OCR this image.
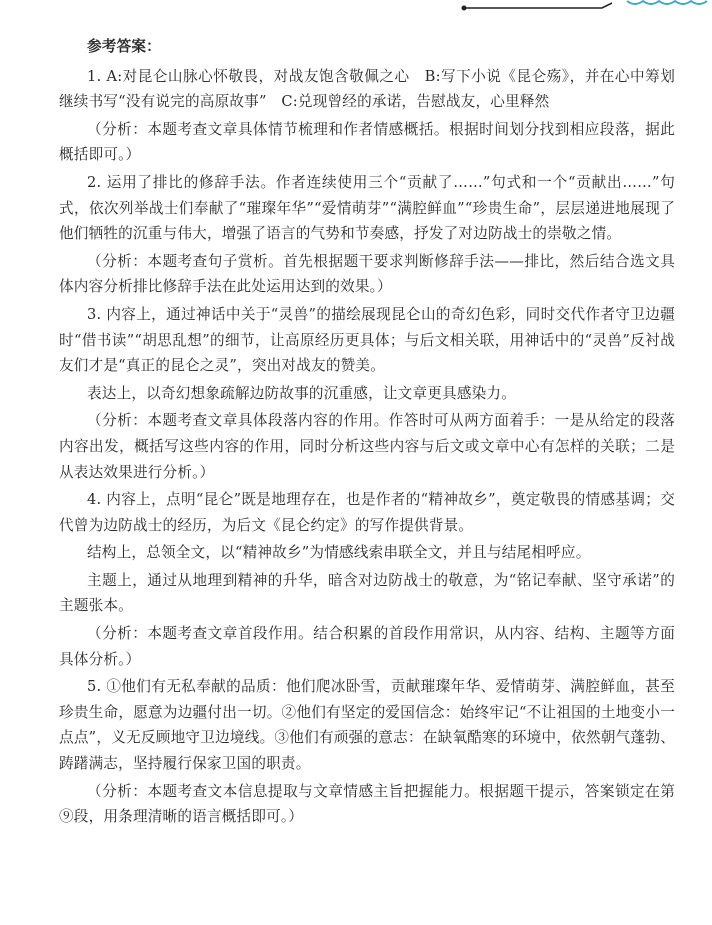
参考答案：

1. A:对昆仑山脉心怀敬畏，对战友饱含敬佩之心　B:写下小说《昆仑殇》，并在心中筹划继续书写“没有说完的高原故事”　C:兑现曾经的承诺，告慰战友，心里释然

（分析：本题考查文章具体情节梳理和作者情感概括。根据时间划分找到相应段落，据此概括即可。）

2. 运用了排比的修辞手法。作者连续使用三个“贡献了……”句式和一个“贡献出……”句式，依次列举战士们奉献了“璀璨年华”“爱情萌芽”“满腔鲜血”“珍贵生命”，层层递进地展现了他们牺牲的沉重与伟大，增强了语言的气势和节奏感，抒发了对边防战士的崇敬之情。

（分析：本题考查句子赏析。首先根据题干要求判断修辞手法——排比，然后结合选文具体内容分析排比修辞手法在此处运用达到的效果。）

3. 内容上，通过神话中关于“灵兽”的描绘展现昆仑山的奇幻色彩，同时交代作者守卫边疆时“借书读”“胡思乱想”的细节，让高原经历更具体；与后文相关联，用神话中的“灵兽”反衬战友们才是“真正的昆仑之灵”，突出对战友的赞美。

表达上，以奇幻想象疏解边防故事的沉重感，让文章更具感染力。

（分析：本题考查文章具体段落内容的作用。作答时可从两方面着手：一是从给定的段落内容出发，概括写这些内容的作用，同时分析这些内容与后文或文章中心有怎样的关联；二是从表达效果进行分析。）

4. 内容上，点明“昆仑”既是地理存在，也是作者的“精神故乡”，奠定敬畏的情感基调；交代曾为边防战士的经历，为后文《昆仑约定》的写作提供背景。

结构上，总领全文，以“精神故乡”为情感线索串联全文，并且与结尾相呼应。

主题上，通过从地理到精神的升华，暗含对边防战士的敬意，为“铭记奉献、坚守承诺”的主题张本。

（分析：本题考查文章首段作用。结合积累的首段作用常识，从内容、结构、主题等方面具体分析。）

5. ①他们有无私奉献的品质：他们爬冰卧雪，贡献璀璨年华、爱情萌芽、满腔鲜血，甚至珍贵生命，愿意为边疆付出一切。②他们有坚定的爱国信念：始终牢记“不让祖国的土地变小一点点”，义无反顾地守卫边境线。③他们有顽强的意志：在缺氧酷寒的环境中，依然朝气蓬勃、踌躇满志，坚持履行保家卫国的职责。

（分析：本题考查文本信息提取与文章情感主旨把握能力。根据题干提示，答案锁定在第⑨段，用条理清晰的语言概括即可。）
